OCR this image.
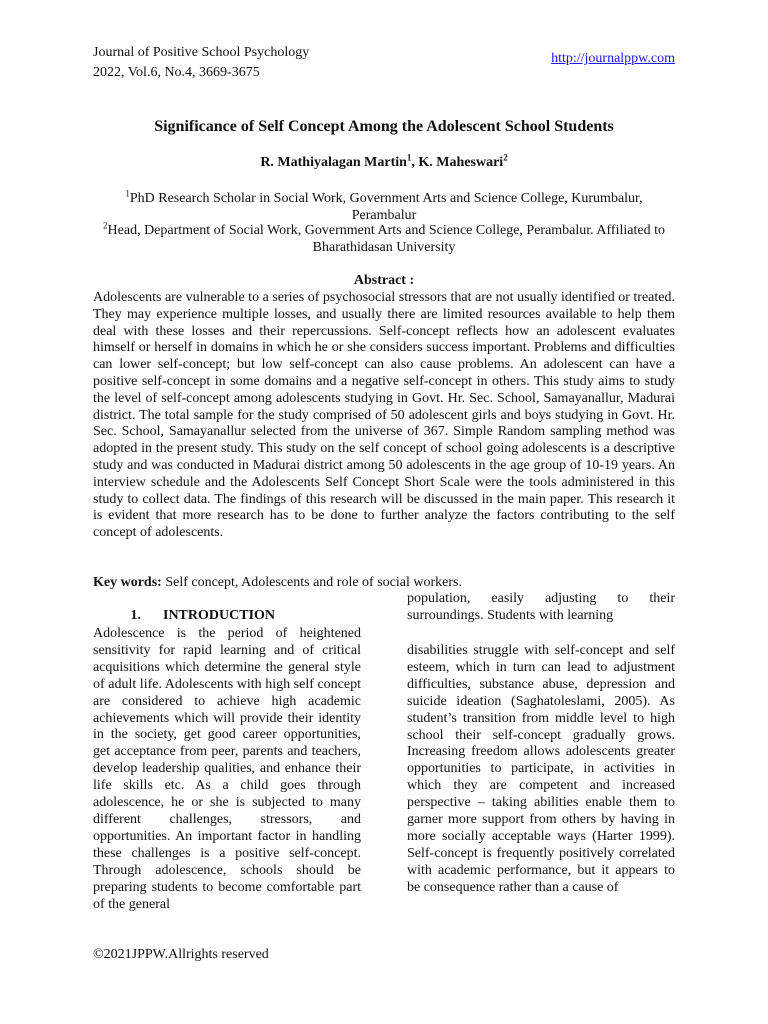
Journal of Positive School Psychology
2022, Vol.6, No.4, 3669-3675
http://journalppw.com
Significance of Self Concept Among the Adolescent School Students
R. Mathiyalagan Martin$^1$, K. Maheswari$^2$
$^1$PhD Research Scholar in Social Work, Government Arts and Science College, Kurumbalur, Perambalur
$^2$Head, Department of Social Work, Government Arts and Science College, Perambalur. Affiliated to Bharathidasan University
Abstract :

Adolescents are vulnerable to a series of psychosocial stressors that are not usually identified or treated. They may experience multiple losses, and usually there are limited resources available to help them deal with these losses and their repercussions. Self-concept reflects how an adolescent evaluates himself or herself in domains in which he or she considers success important. Problems and difficulties can lower self-concept; but low self-concept can also cause problems. An adolescent can have a positive self-concept in some domains and a negative self-concept in others. This study aims to study the level of self-concept among adolescents studying in Govt. Hr. Sec. School, Samayanallur, Madurai district. The total sample for the study comprised of 50 adolescent girls and boys studying in Govt. Hr. Sec. School, Samayanallur selected from the universe of 367. Simple Random sampling method was adopted in the present study. This study on the self concept of school going adolescents is a descriptive study and was conducted in Madurai district among 50 adolescents in the age group of 10-19 years. An interview schedule and the Adolescents Self Concept Short Scale were the tools administered in this study to collect data. The findings of this research will be discussed in the main paper. This research it is evident that more research has to be done to further analyze the factors contributing to the self concept of adolescents.

Key words: Self concept, Adolescents and role of social workers.
1. INTRODUCTION

Adolescence is the period of heightened sensitivity for rapid learning and of critical acquisitions which determine the general style of adult life. Adolescents with high self concept are considered to achieve high academic achievements which will provide their identity in the society, get good career opportunities, get acceptance from peer, parents and teachers, develop leadership qualities, and enhance their life skills etc. As a child goes through adolescence, he or she is subjected to many different challenges, stressors, and opportunities. An important factor in handling these challenges is a positive self-concept. Through adolescence, schools should be preparing students to become comfortable part of the general

population, easily adjusting to their surroundings. Students with learning

disabilities struggle with self-concept and self esteem, which in turn can lead to adjustment difficulties, substance abuse, depression and suicide ideation (Saghatoleslami, 2005). As student’s transition from middle level to high school their self-concept gradually grows. Increasing freedom allows adolescents greater opportunities to participate, in activities in which they are competent and increased perspective – taking abilities enable them to garner more support from others by having in more socially acceptable ways (Harter 1999). Self-concept is frequently positively correlated with academic performance, but it appears to be consequence rather than a cause of

©2021JPPW.Allrights reserved
